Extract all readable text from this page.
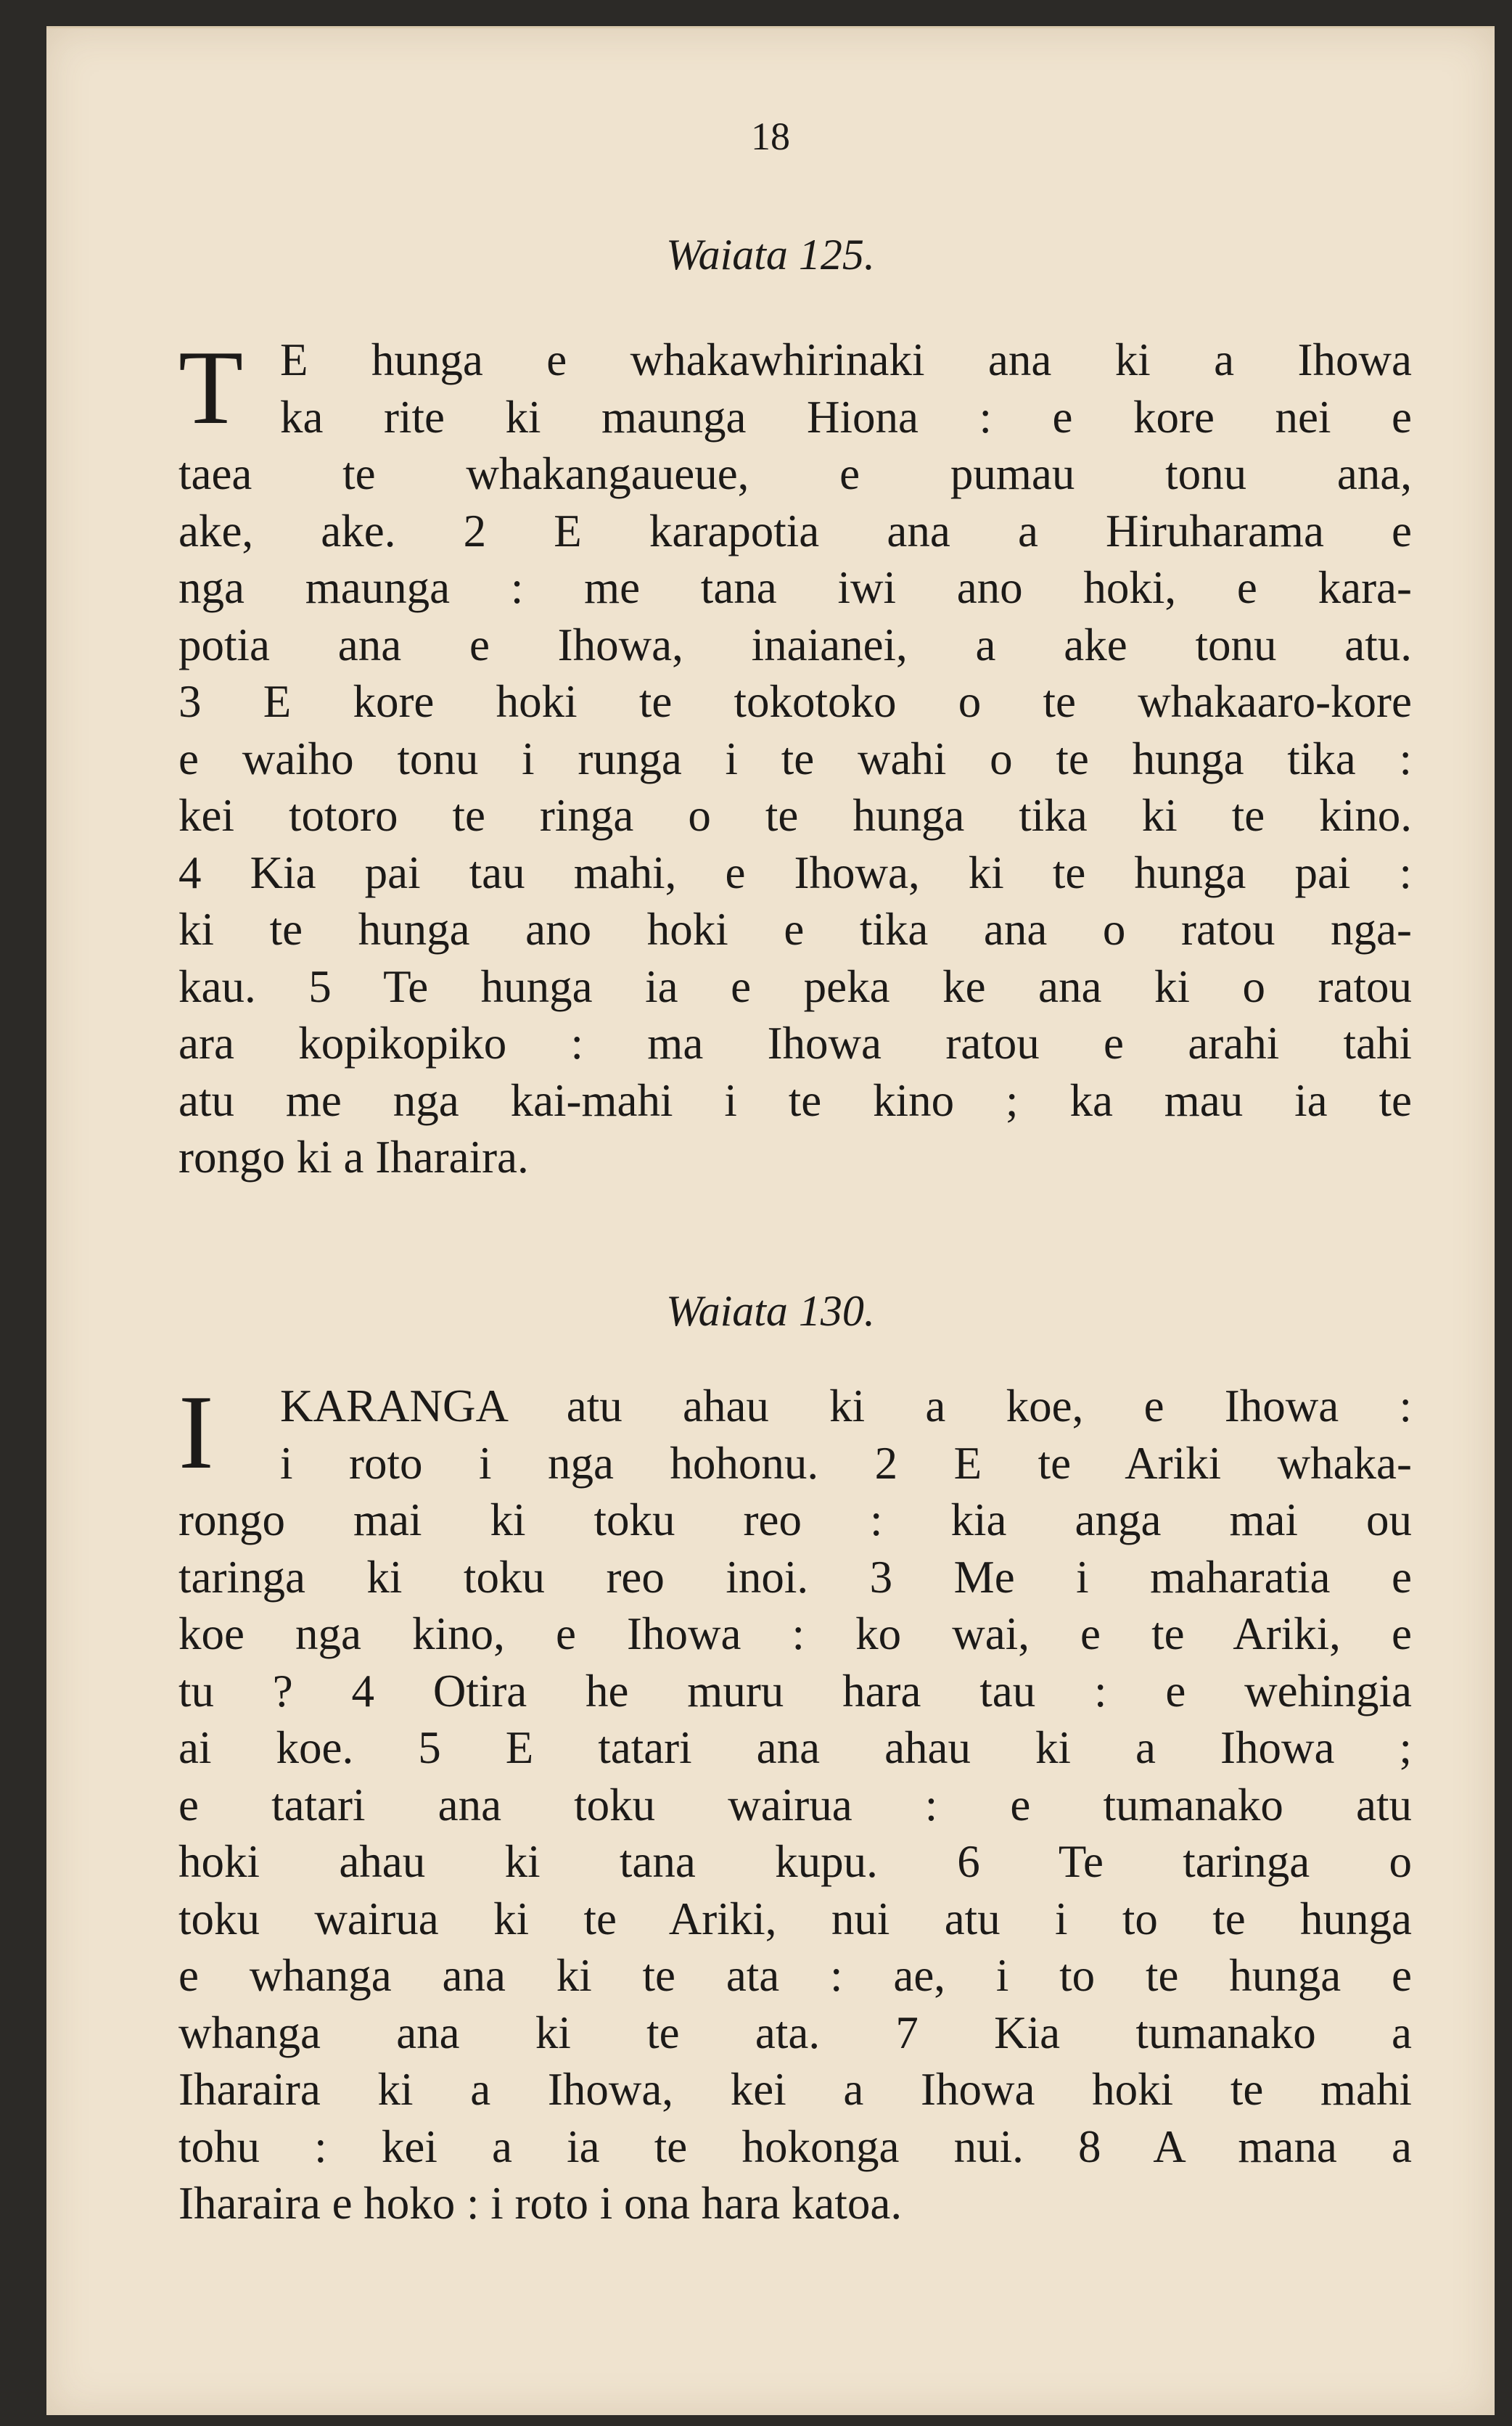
18
Waiata 125.
T E hunga e whakawhirinaki ana ki a Ihowa
ka rite ki maunga Hiona : e kore nei e
taea te whakangaueue, e pumau tonu ana,
ake, ake. 2 E karapotia ana a Hiruharama e
nga maunga : me tana iwi ano hoki, e kara-
potia ana e Ihowa, inaianei, a ake tonu atu.
3 E kore hoki te tokotoko o te whakaaro-kore
e waiho tonu i runga i te wahi o te hunga tika :
kei totoro te ringa o te hunga tika ki te kino.
4 Kia pai tau mahi, e Ihowa, ki te hunga pai :
ki te hunga ano hoki e tika ana o ratou nga-
kau. 5 Te hunga ia e peka ke ana ki o ratou
ara kopikopiko : ma Ihowa ratou e arahi tahi
atu me nga kai-mahi i te kino ; ka mau ia te
rongo ki a Iharaira.
Waiata 130.
I	KARANGA atu ahau ki a koe, e Ihowa :
i roto i nga hohonu. 2 E te Ariki whaka-
rongo mai ki toku reo : kia anga mai ou
taringa ki toku reo inoi. 3 Me i maharatia e
koe nga kino, e Ihowa : ko wai, e te Ariki, e
tu ? 4 Otira he muru hara tau : e wehingia
ai koe. 5 E tatari ana ahau ki a Ihowa ;
e tatari ana toku wairua : e tumanako atu
hoki ahau ki tana kupu. 6 Te taringa o
toku wairua ki te Ariki, nui atu i to te hunga
e whanga ana ki te ata : ae, i to te hunga e
whanga ana ki te ata. 7 Kia tumanako a
Iharaira ki a Ihowa, kei a Ihowa hoki te mahi
tohu : kei a ia te hokonga nui. 8 A mana a
Iharaira e hoko : i roto i ona hara katoa.
